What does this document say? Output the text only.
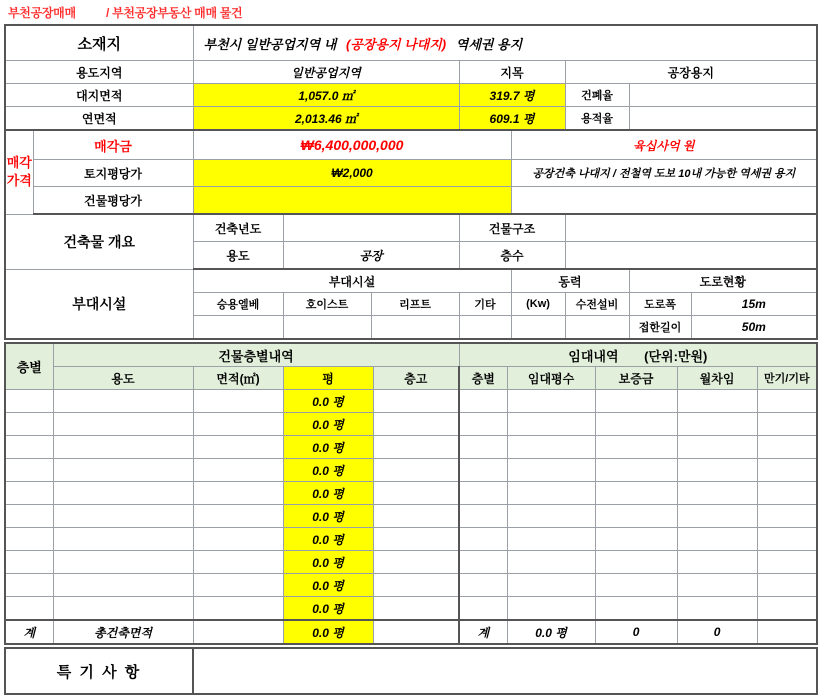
부천공장매매	/ 부천공장부동산 매매 물건
소재지		부천시 일반공업지역 내 (공장용지 나대지) 역세권 용지							
용도지역		일반공업지역			지목		공장용지		
대지면적		1,057.0 ㎡			319.7 평		건폐율		
연면적		2,013.46 ㎡			609.1 평		용적율		

매각
가격	매각금	₩6,400,000,000				육십사억 원			
	토지평당가	₩2,000				공장건축 나대지 / 전철역 도보 10내 가능한 역세권 용지			
	건물평당가								
건축물 개요		건축년도			건물구조				
		용도	공장		층수				
부대시설		부대시설				동력		도로현황	
		승용엘베	호이스트	리프트	기타	(Kw)	수전설비	도로폭	15m
								접한길이	50m
층별	건물층별내역				임대내역 (단위:만원)				
	용도	면적(㎡)	평	층고	층별	임대평수	보증금	월차임	만기/기타
			0.0 평						
			0.0 평						
			0.0 평						
			0.0 평						
			0.0 평						
			0.0 평						
			0.0 평						
			0.0 평						
			0.0 평						
			0.0 평						
계	총건축면적		0.0 평		계	0.0 평	0	0	
특 기 사 항	
